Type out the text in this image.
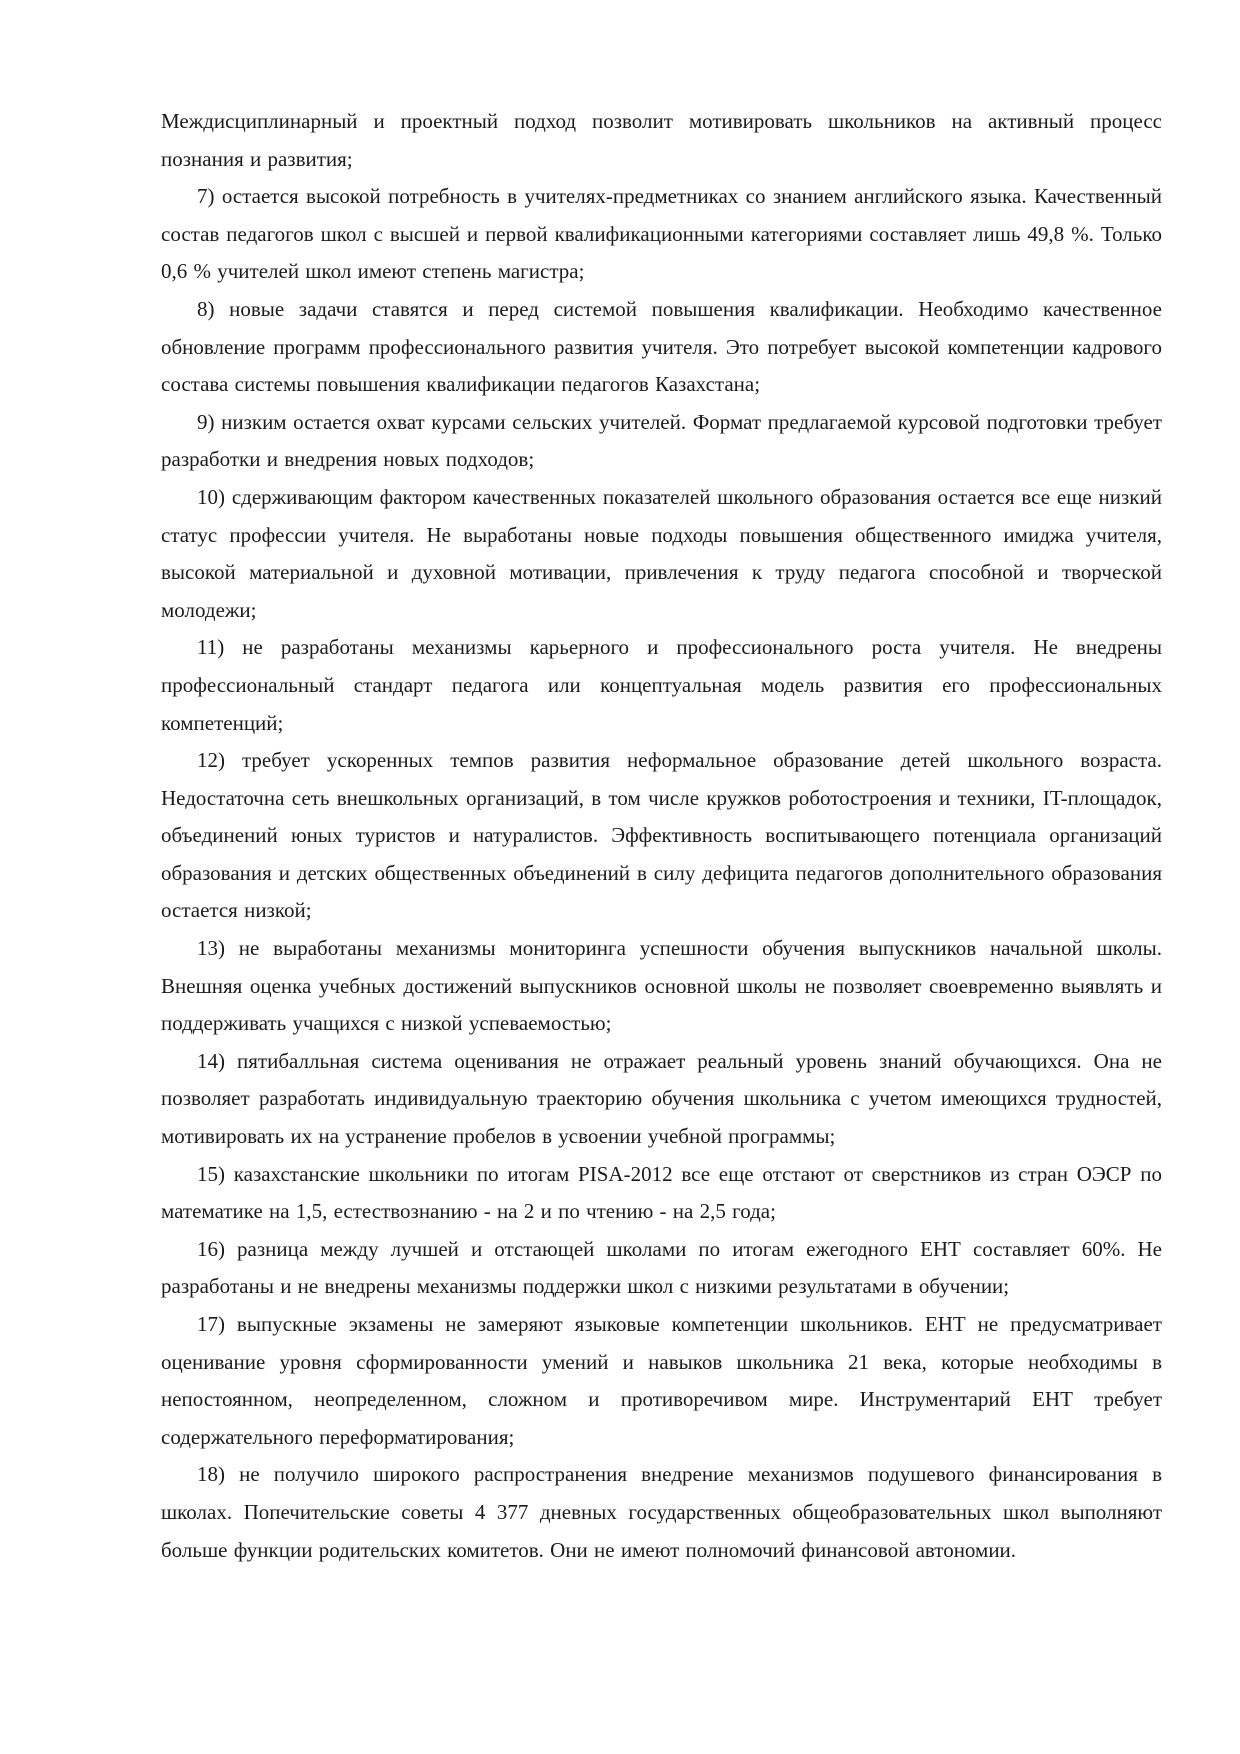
Междисциплинарный и проектный подход позволит мотивировать школьников на активный процесс познания и развития;

7) остается высокой потребность в учителях-предметниках со знанием английского языка. Качественный состав педагогов школ с высшей и первой квалификационными категориями составляет лишь 49,8 %. Только 0,6 % учителей школ имеют степень магистра;

8) новые задачи ставятся и перед системой повышения квалификации. Необходимо качественное обновление программ профессионального развития учителя. Это потребует высокой компетенции кадрового состава системы повышения квалификации педагогов Казахстана;

9) низким остается охват курсами сельских учителей. Формат предлагаемой курсовой подготовки требует разработки и внедрения новых подходов;

10) сдерживающим фактором качественных показателей школьного образования остается все еще низкий статус профессии учителя. Не выработаны новые подходы повышения общественного имиджа учителя, высокой материальной и духовной мотивации, привлечения к труду педагога способной и творческой молодежи;

11) не разработаны механизмы карьерного и профессионального роста учителя. Не внедрены профессиональный стандарт педагога или концептуальная модель развития его профессиональных компетенций;

12) требует ускоренных темпов развития неформальное образование детей школьного возраста. Недостаточна сеть внешкольных организаций, в том числе кружков роботостроения и техники, IT-площадок, объединений юных туристов и натуралистов. Эффективность воспитывающего потенциала организаций образования и детских общественных объединений в силу дефицита педагогов дополнительного образования остается низкой;

13) не выработаны механизмы мониторинга успешности обучения выпускников начальной школы. Внешняя оценка учебных достижений выпускников основной школы не позволяет своевременно выявлять и поддерживать учащихся с низкой успеваемостью;

14) пятибалльная система оценивания не отражает реальный уровень знаний обучающихся. Она не позволяет разработать индивидуальную траекторию обучения школьника с учетом имеющихся трудностей, мотивировать их на устранение пробелов в усвоении учебной программы;

15) казахстанские школьники по итогам PISA-2012 все еще отстают от сверстников из стран ОЭСР по математике на 1,5, естествознанию - на 2 и по чтению - на 2,5 года;

16) разница между лучшей и отстающей школами по итогам ежегодного ЕНТ составляет 60%. Не разработаны и не внедрены механизмы поддержки школ с низкими результатами в обучении;

17) выпускные экзамены не замеряют языковые компетенции школьников. ЕНТ не предусматривает оценивание уровня сформированности умений и навыков школьника 21 века, которые необходимы в непостоянном, неопределенном, сложном и противоречивом мире. Инструментарий ЕНТ требует содержательного переформатирования;

18) не получило широкого распространения внедрение механизмов подушевого финансирования в школах. Попечительские советы 4 377 дневных государственных общеобразовательных школ выполняют больше функции родительских комитетов. Они не имеют полномочий финансовой автономии.
